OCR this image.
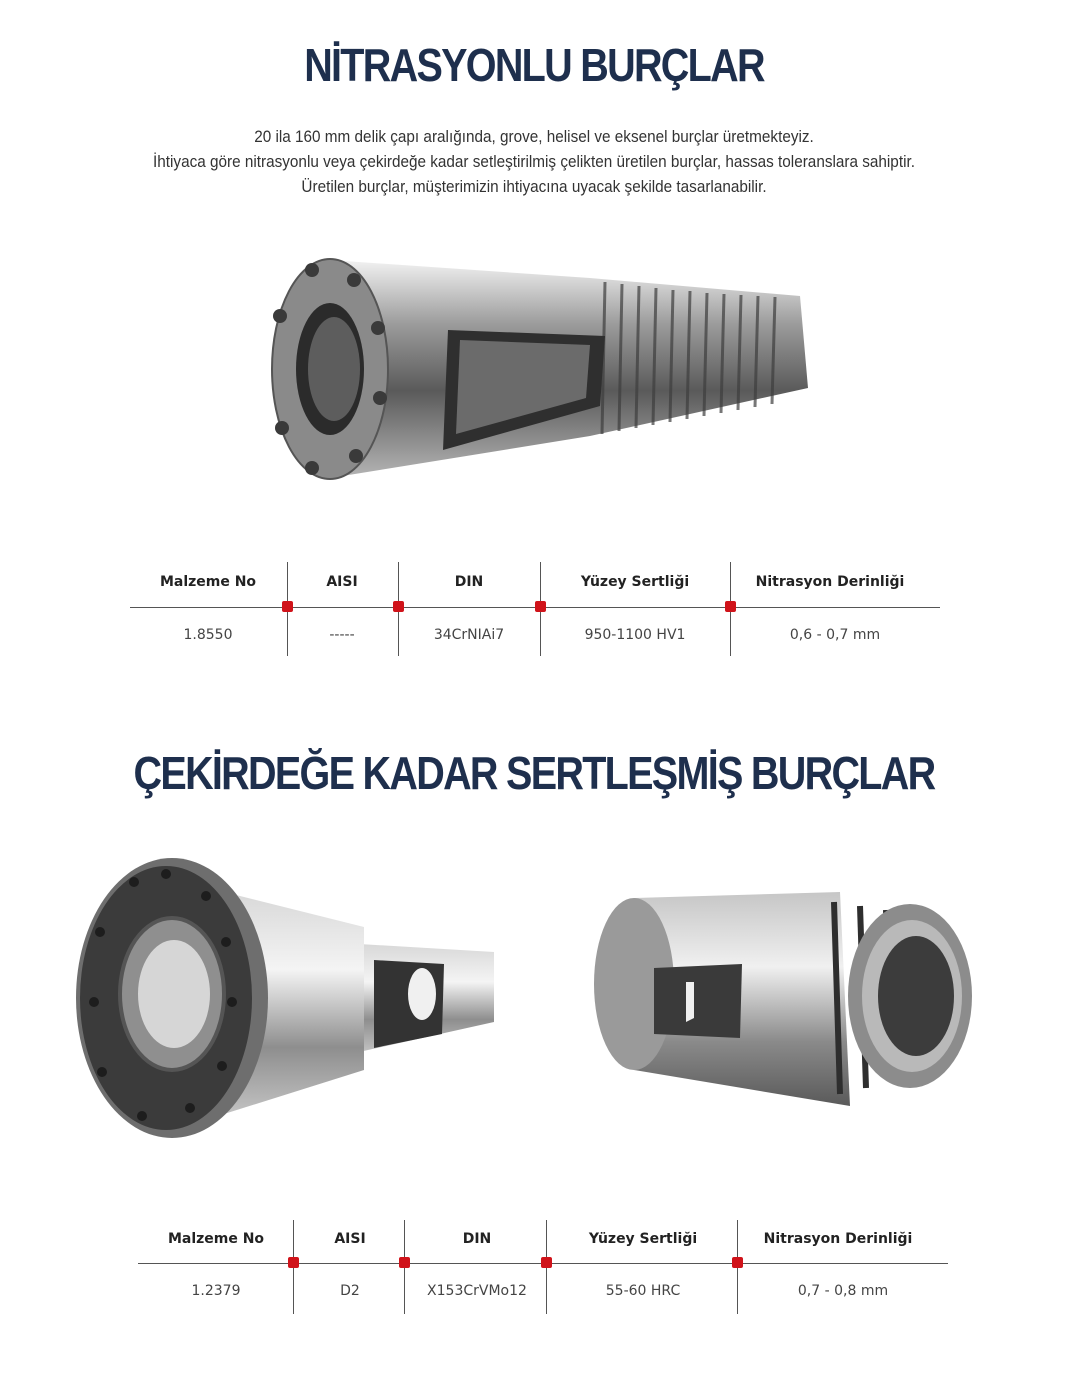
NİTRASYONLU BURÇLAR
20 ila 160 mm delik çapı aralığında, grove, helisel ve eksenel burçlar üretmekteyiz.
İhtiyaca göre nitrasyonlu veya çekirdeğe kadar setleştirilmiş çelikten üretilen burçlar, hassas toleranslara sahiptir.
Üretilen burçlar, müşterimizin ihtiyacına uyacak şekilde tasarlanabilir.
Malzeme No	AISI	DIN	Yüzey Sertliği	Nitrasyon Derinliği
1.8550	-----	34CrNIAi7	950-1100 HV1	0,6 - 0,7 mm
ÇEKİRDEĞE KADAR SERTLEŞMİŞ BURÇLAR
Malzeme No	AISI	DIN	Yüzey Sertliği	Nitrasyon Derinliği
1.2379	D2	X153CrVMo12	55-60 HRC	0,7 - 0,8 mm
